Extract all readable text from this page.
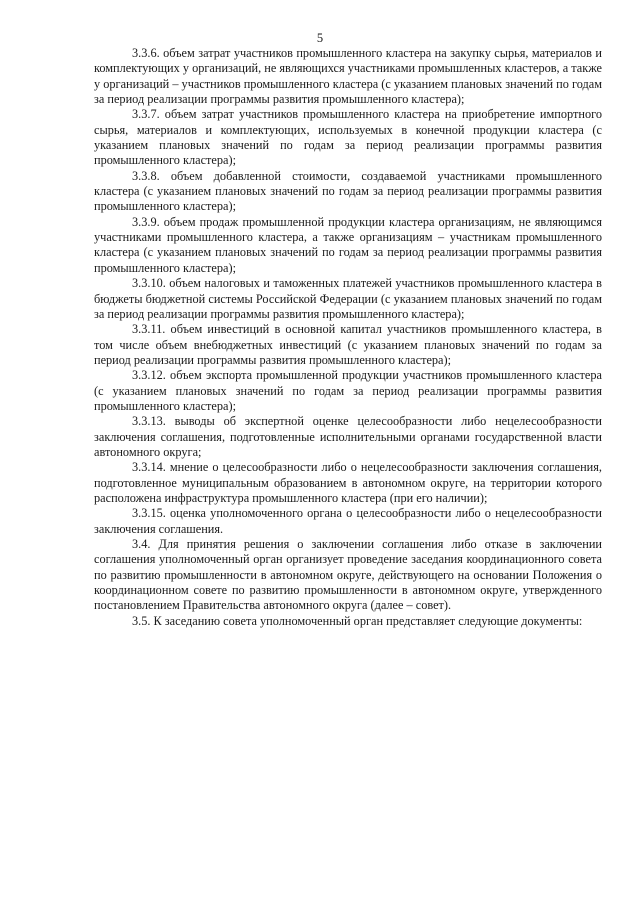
5

3.3.6. объем затрат участников промышленного кластера на закупку сырья, материалов и комплектующих у организаций, не являющихся участниками промышленных кластеров, а также у организаций – участников промышленного кластера (с указанием плановых значений по годам за период реализации программы развития промышленного кластера);

3.3.7. объем затрат участников промышленного кластера на приобретение импортного сырья, материалов и комплектующих, используемых в конечной продукции кластера (с указанием плановых значений по годам за период реализации программы развития промышленного кластера);

3.3.8. объем добавленной стоимости, создаваемой участниками промышленного кластера (с указанием плановых значений по годам за период реализации программы развития промышленного кластера);

3.3.9. объем продаж промышленной продукции кластера организациям, не являющимся участниками промышленного кластера, а также организациям – участникам промышленного кластера (с указанием плановых значений по годам за период реализации программы развития промышленного кластера);

3.3.10. объем налоговых и таможенных платежей участников промышленного кластера в бюджеты бюджетной системы Российской Федерации (с указанием плановых значений по годам за период реализации программы развития промышленного кластера);

3.3.11. объем инвестиций в основной капитал участников промышленного кластера, в том числе объем внебюджетных инвестиций (с указанием плановых значений по годам за период реализации программы развития промышленного кластера);

3.3.12. объем экспорта промышленной продукции участников промышленного кластера (с указанием плановых значений по годам за период реализации программы развития промышленного кластера);

3.3.13. выводы об экспертной оценке целесообразности либо нецелесообразности заключения соглашения, подготовленные исполнительными органами государственной власти автономного округа;

3.3.14. мнение о целесообразности либо о нецелесообразности заключения соглашения, подготовленное муниципальным образованием в автономном округе, на территории которого расположена инфраструктура промышленного кластера (при его наличии);

3.3.15. оценка уполномоченного органа о целесообразности либо о нецелесообразности заключения соглашения.

3.4. Для принятия решения о заключении соглашения либо отказе в заключении соглашения уполномоченный орган организует проведение заседания координационного совета по развитию промышленности в автономном округе, действующего на основании Положения о координационном совете по развитию промышленности в автономном округе, утвержденного постановлением Правительства автономного округа (далее – совет).

3.5. К заседанию совета уполномоченный орган представляет следующие документы:
